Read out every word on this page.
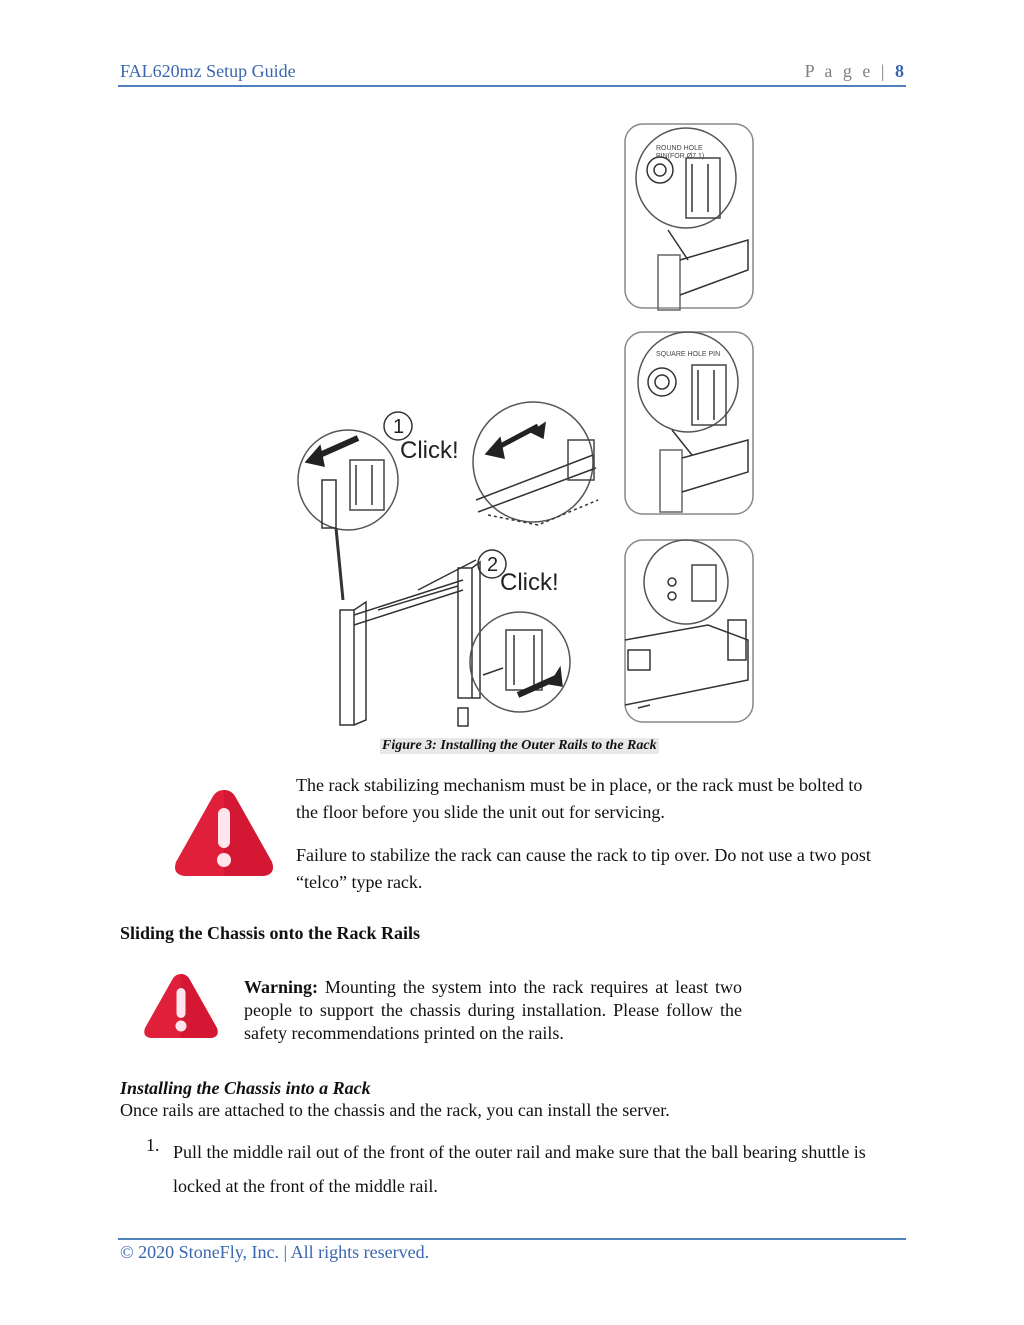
FAL620mz Setup Guide	P a g e | 8
ROUND HOLE
PIN(FOR Ø7.1)
SQUARE HOLE PIN
1
Click!
2
Click!
Figure 3: Installing the Outer Rails to the Rack
The rack stabilizing mechanism must be in place, or the rack must be bolted to the floor before you slide the unit out for servicing.
Failure to stabilize the rack can cause the rack to tip over. Do not use a two post “telco” type rack.
Sliding the Chassis onto the Rack Rails
Warning: Mounting the system into the rack requires at least two people to support the chassis during installation. Please follow the safety recommendations printed on the rails.
Installing the Chassis into a Rack
Once rails are attached to the chassis and the rack, you can install the server.
1. Pull the middle rail out of the front of the outer rail and make sure that the ball bearing shuttle is locked at the front of the middle rail.
© 2020 StoneFly, Inc. | All rights reserved.
